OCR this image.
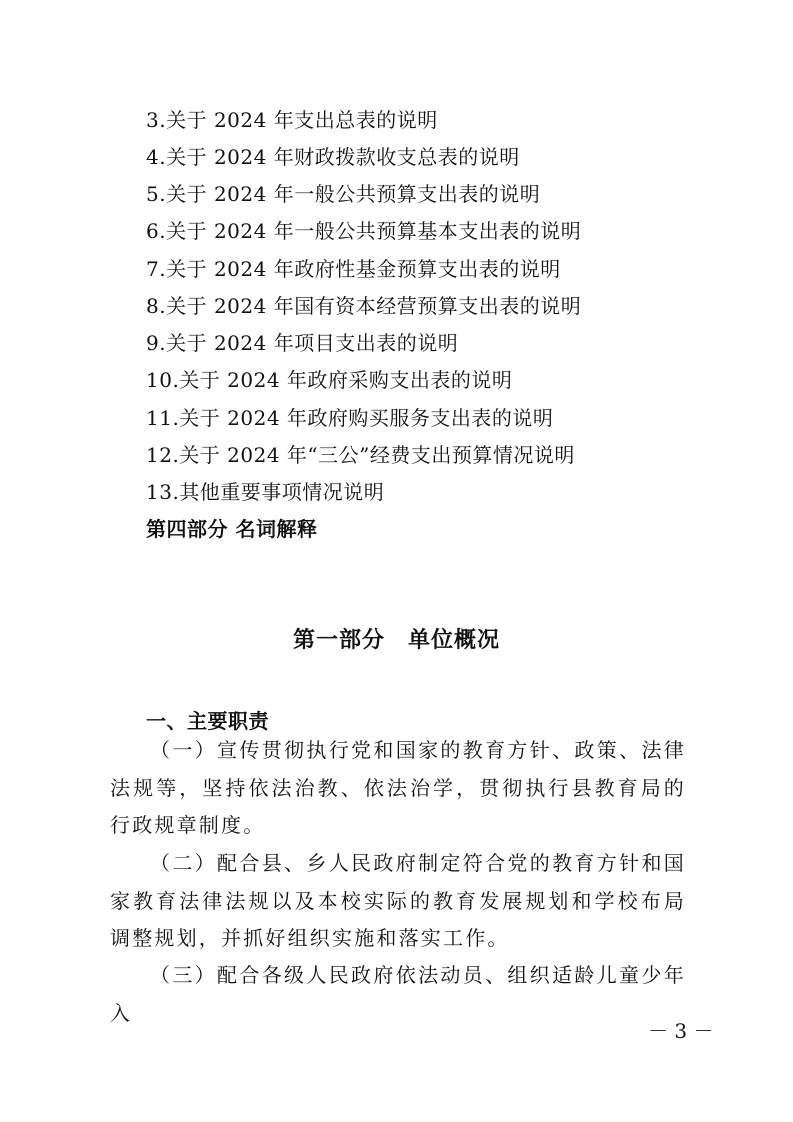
3.关于 2024 年支出总表的说明
4.关于 2024 年财政拨款收支总表的说明
5.关于 2024 年一般公共预算支出表的说明
6.关于 2024 年一般公共预算基本支出表的说明
7.关于 2024 年政府性基金预算支出表的说明
8.关于 2024 年国有资本经营预算支出表的说明
9.关于 2024 年项目支出表的说明
10.关于 2024 年政府采购支出表的说明
11.关于 2024 年政府购买服务支出表的说明
12.关于 2024 年“三公”经费支出预算情况说明
13.其他重要事项情况说明
第四部分 名词解释
第一部分　单位概况
一、主要职责
（一）宣传贯彻执行党和国家的教育方针、政策、法律法规等，坚持依法治教、依法治学，贯彻执行县教育局的行政规章制度。
（二）配合县、乡人民政府制定符合党的教育方针和国家教育法律法规以及本校实际的教育发展规划和学校布局调整规划，并抓好组织实施和落实工作。
（三）配合各级人民政府依法动员、组织适龄儿童少年入
－ 3 －
